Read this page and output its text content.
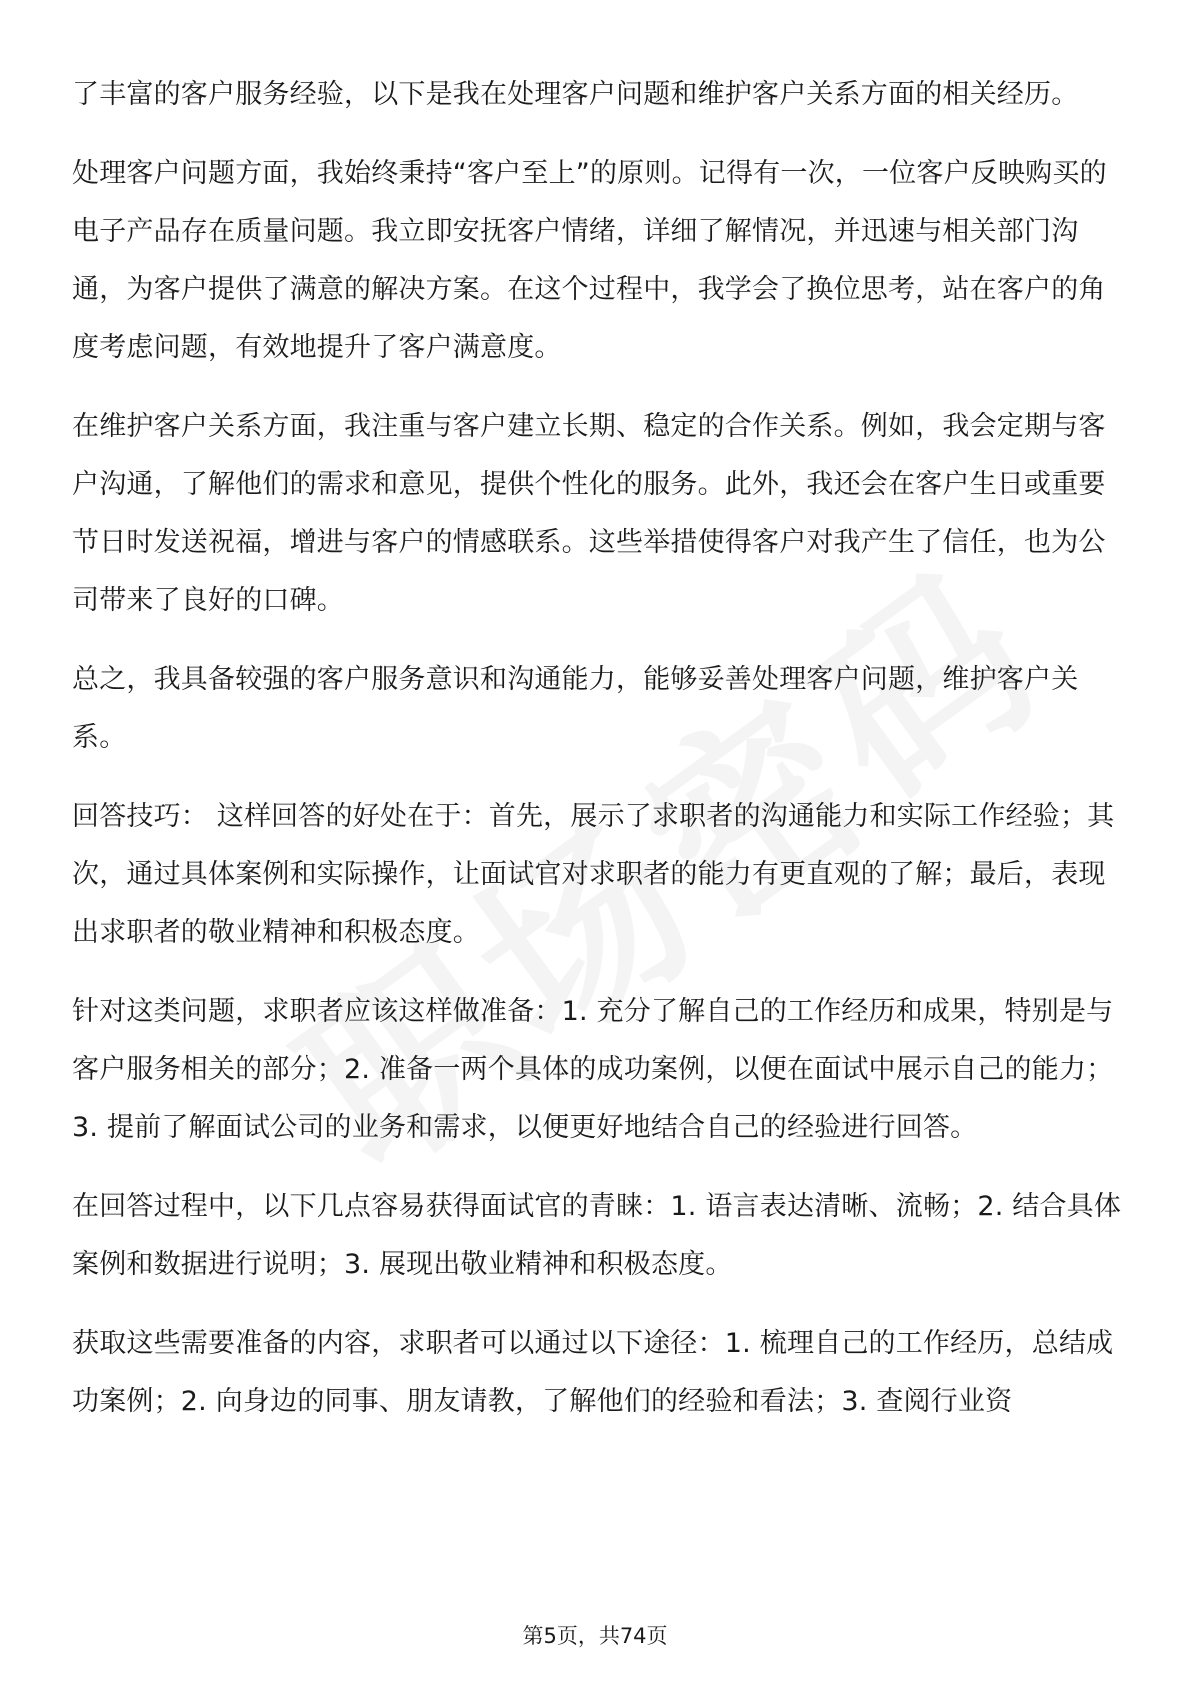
了丰富的客户服务经验，以下是我在处理客户问题和维护客户关系方面的相关经历。

处理客户问题方面，我始终秉持“客户至上”的原则。记得有一次，一位客户反映购买的电子产品存在质量问题。我立即安抚客户情绪，详细了解情况，并迅速与相关部门沟通，为客户提供了满意的解决方案。在这个过程中，我学会了换位思考，站在客户的角度考虑问题，有效地提升了客户满意度。

在维护客户关系方面，我注重与客户建立长期、稳定的合作关系。例如，我会定期与客户沟通，了解他们的需求和意见，提供个性化的服务。此外，我还会在客户生日或重要节日时发送祝福，增进与客户的情感联系。这些举措使得客户对我产生了信任，也为公司带来了良好的口碑。

总之，我具备较强的客户服务意识和沟通能力，能够妥善处理客户问题，维护客户关系。

回答技巧： 这样回答的好处在于：首先，展示了求职者的沟通能力和实际工作经验；其次，通过具体案例和实际操作，让面试官对求职者的能力有更直观的了解；最后，表现出求职者的敬业精神和积极态度。

针对这类问题，求职者应该这样做准备：1. 充分了解自己的工作经历和成果，特别是与客户服务相关的部分；2. 准备一两个具体的成功案例，以便在面试中展示自己的能力；3. 提前了解面试公司的业务和需求，以便更好地结合自己的经验进行回答。

在回答过程中，以下几点容易获得面试官的青睐：1. 语言表达清晰、流畅；2. 结合具体案例和数据进行说明；3. 展现出敬业精神和积极态度。

获取这些需要准备的内容，求职者可以通过以下途径：1. 梳理自己的工作经历，总结成功案例；2. 向身边的同事、朋友请教，了解他们的经验和看法；3. 查阅行业资

第5页，共74页
